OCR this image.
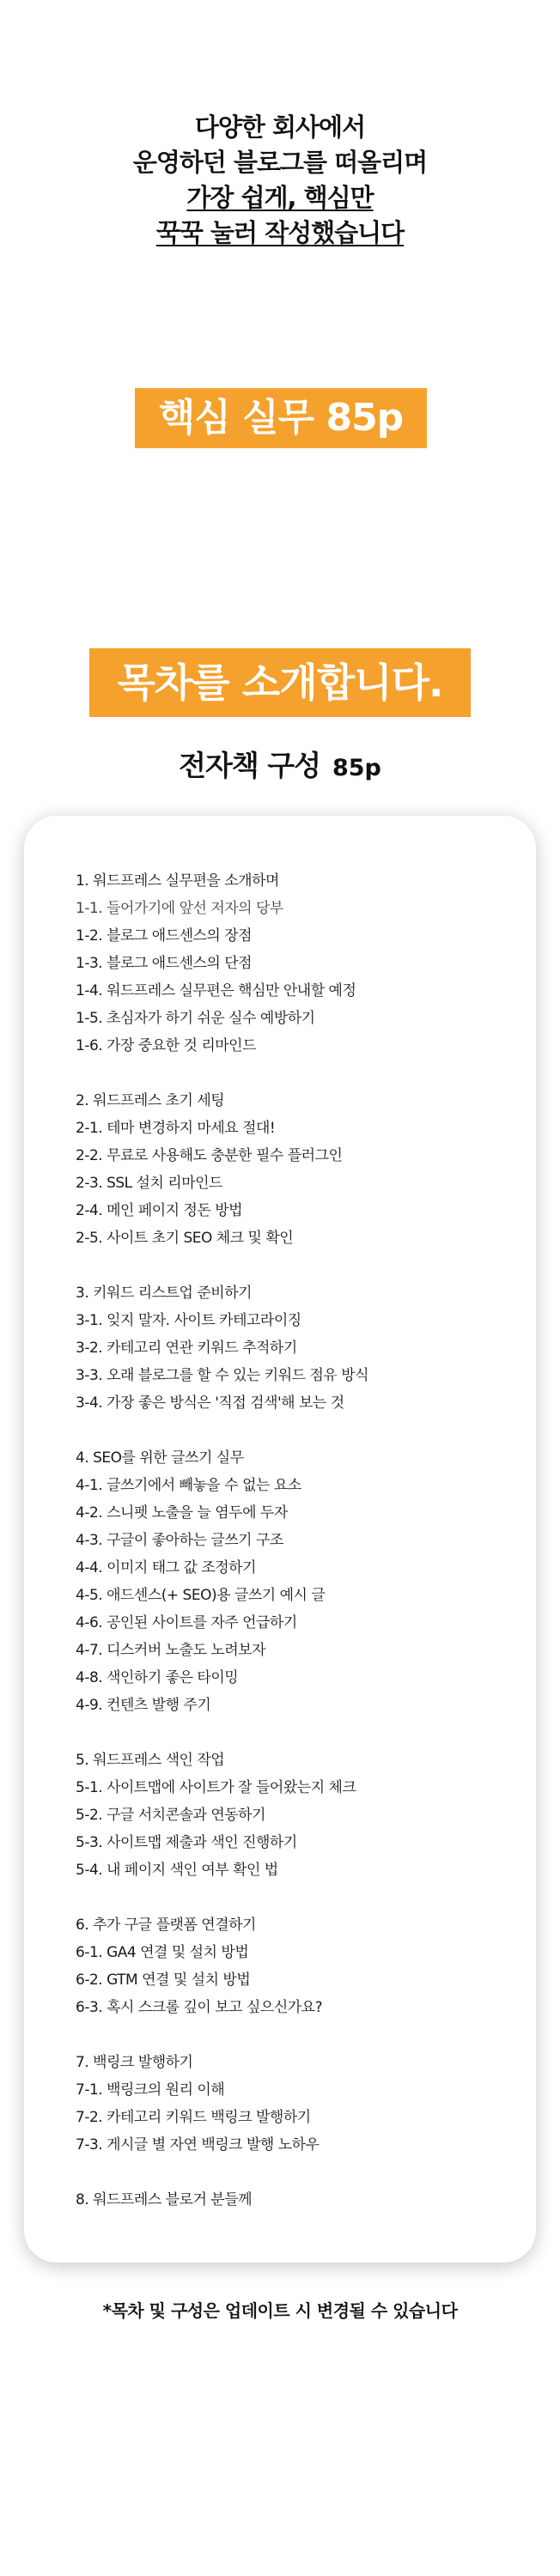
다양한 회사에서
운영하던 블로그를 떠올리며
가장 쉽게, 핵심만
꾹꾹 눌러 작성했습니다
핵심 실무 85p
목차를 소개합니다.
전자책 구성 85p
1. 워드프레스 실무편을 소개하며
1-1. 들어가기에 앞선 저자의 당부
1-2. 블로그 애드센스의 장점
1-3. 블로그 애드센스의 단점
1-4. 워드프레스 실무편은 핵심만 안내할 예정
1-5. 초심자가 하기 쉬운 실수 예방하기
1-6. 가장 중요한 것 리마인드
2. 워드프레스 초기 세팅
2-1. 테마 변경하지 마세요 절대!
2-2. 무료로 사용해도 충분한 필수 플러그인
2-3. SSL 설치 리마인드
2-4. 메인 페이지 정돈 방법
2-5. 사이트 초기 SEO 체크 및 확인
3. 키워드 리스트업 준비하기
3-1. 잊지 말자. 사이트 카테고라이징
3-2. 카테고리 연관 키워드 추적하기
3-3. 오래 블로그를 할 수 있는 키워드 점유 방식
3-4. 가장 좋은 방식은 '직접 검색'해 보는 것
4. SEO를 위한 글쓰기 실무
4-1. 글쓰기에서 빼놓을 수 없는 요소
4-2. 스니펫 노출을 늘 염두에 두자
4-3. 구글이 좋아하는 글쓰기 구조
4-4. 이미지 태그 값 조정하기
4-5. 애드센스(+ SEO)용 글쓰기 예시 글
4-6. 공인된 사이트를 자주 언급하기
4-7. 디스커버 노출도 노려보자
4-8. 색인하기 좋은 타이밍
4-9. 컨텐츠 발행 주기
5. 워드프레스 색인 작업
5-1. 사이트맵에 사이트가 잘 들어왔는지 체크
5-2. 구글 서치콘솔과 연동하기
5-3. 사이트맵 제출과 색인 진행하기
5-4. 내 페이지 색인 여부 확인 법
6. 추가 구글 플랫폼 연결하기
6-1. GA4 연결 및 설치 방법
6-2. GTM 연결 및 설치 방법
6-3. 혹시 스크롤 깊이 보고 싶으신가요?
7. 백링크 발행하기
7-1. 백링크의 원리 이해
7-2. 카테고리 키워드 백링크 발행하기
7-3. 게시글 별 자연 백링크 발행 노하우
8. 워드프레스 블로거 분들께
*목차 및 구성은 업데이트 시 변경될 수 있습니다
